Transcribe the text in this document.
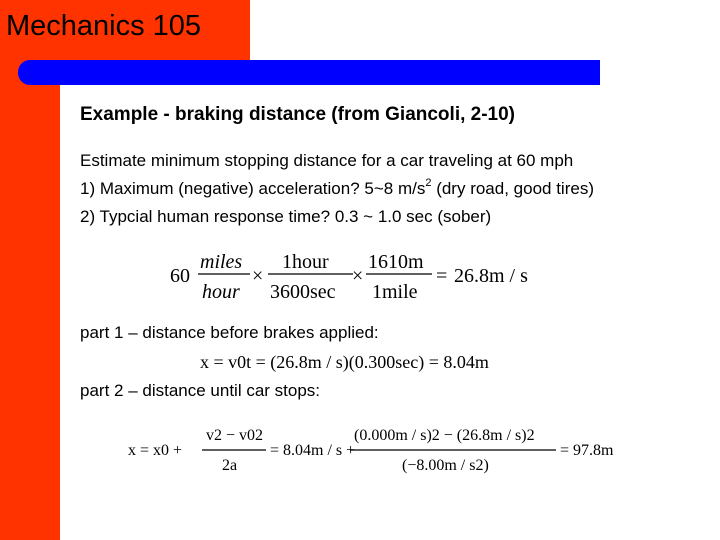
Mechanics 105
Example - braking distance (from Giancoli, 2-10)
Estimate minimum stopping distance for a car traveling at 60 mph
1) Maximum (negative) acceleration? 5~8 $m/s^2$ (dry road, good tires)
2) Typcial human response time? 0.3 ~ 1.0 sec (sober)
60
miles
hour
×
1hour
3600sec
×
1610m
1mile
= 26.8m / s
part 1 – distance before brakes applied:
x = v0t = (26.8m / s)(0.300sec) = 8.04m
part 2 – distance until car stops:
x = x0 +
v2 − v02
2a
= 8.04m / s +
(0.000m / s)2 − (26.8m / s)2
(−8.00m / s2)
= 97.8m
